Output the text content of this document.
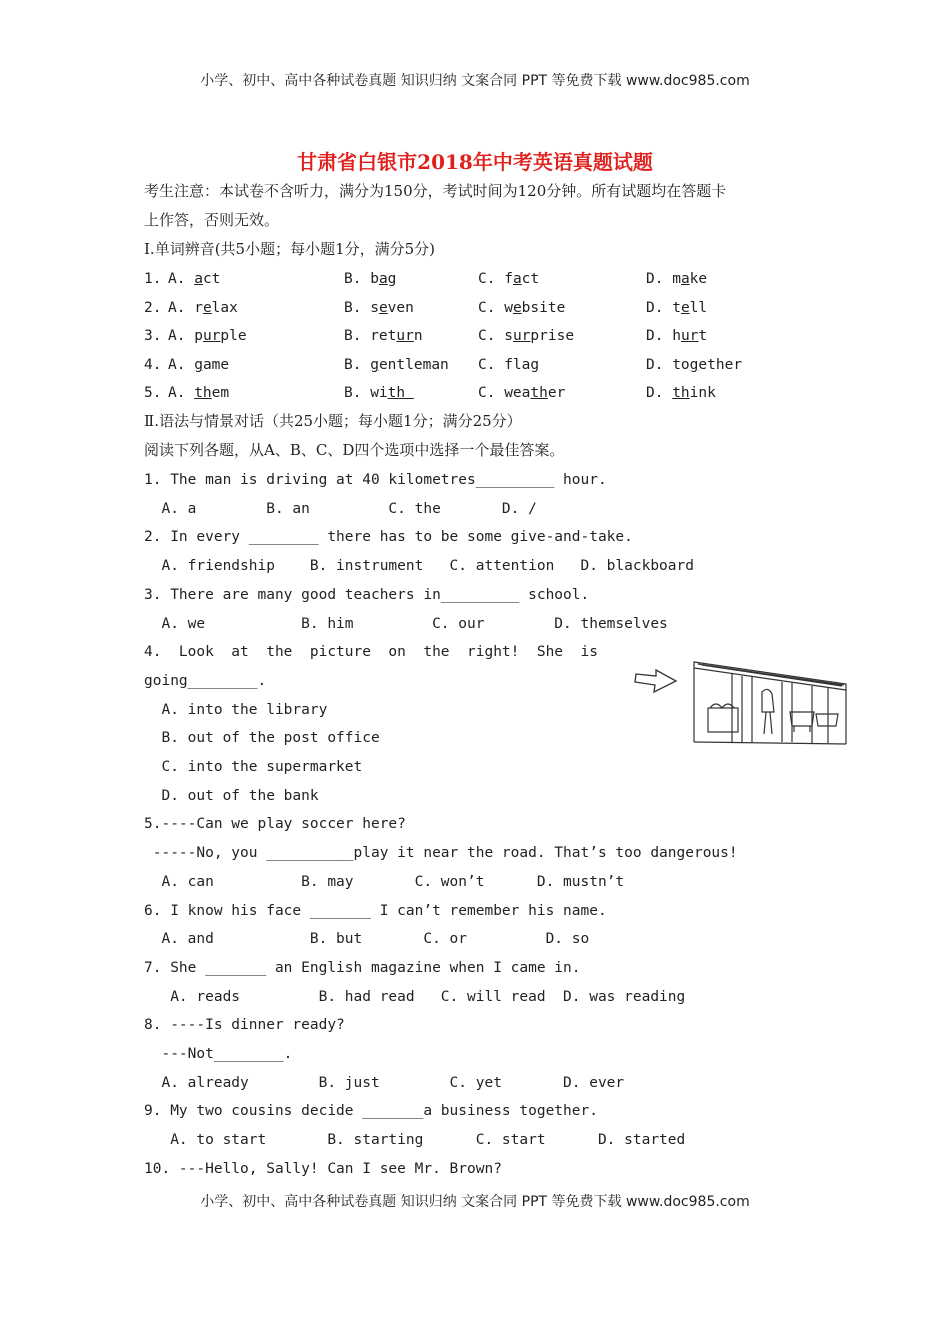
小学、初中、高中各种试卷真题 知识归纳 文案合同 PPT 等免费下载 www.doc985.com
甘肃省白银市2018年中考英语真题试题
考生注意：本试卷不含听力，满分为150分，考试时间为120分钟。所有试题均在答题卡
上作答，否则无效。
I.单词辨音(共5小题；每小题1分，满分5分)
1. A. act	B. bag	C. fact	D. make
2. A. relax	B. seven	C. website	D. tell
3. A. purple	B. return	C. surprise	D. hurt
4. A. game	B. gentleman C. flag	D. together
5. A. them	B. with	C. weather	D. think
Ⅱ.语法与情景对话（共25小题；每小题1分；满分25分）
阅读下列各题，从A、B、C、D四个选项中选择一个最佳答案。
1. The man is driving at 40 kilometres_________ hour.
A. a        B. an         C. the       D. /
2. In every ________ there has to be some give-and-take.
A. friendship    B. instrument   C. attention   D. blackboard
3. There are many good teachers in_________ school.
A. we           B. him         C. our        D. themselves
4.  Look  at  the  picture  on  the  right!  She  is
going________.
A. into the library
B. out of the post office
C. into the supermarket
D. out of the bank
5.----Can we play soccer here?
-----No, you __________play it near the road. That’s too dangerous!
A. can          B. may       C. won’t      D. mustn’t
6. I know his face _______ I can’t remember his name.
A. and           B. but       C. or         D. so
7. She _______ an English magazine when I came in.
A. reads         B. had read   C. will read  D. was reading
8. ----Is dinner ready?
---Not________.
A. already        B. just        C. yet       D. ever
9. My two cousins decide _______a business together.
A. to start       B. starting      C. start      D. started
10. ---Hello, Sally! Can I see Mr. Brown?
小学、初中、高中各种试卷真题 知识归纳 文案合同 PPT 等免费下载 www.doc985.com
